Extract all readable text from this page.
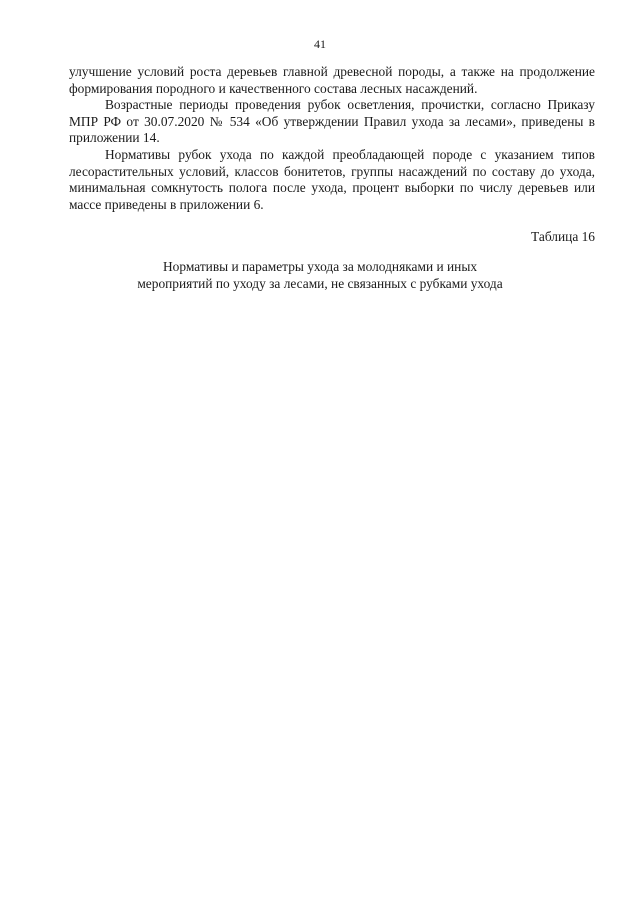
41

улучшение условий роста деревьев главной древесной породы, а также на продолжение формирования породного и качественного состава лесных насаждений.

Возрастные периоды проведения рубок осветления, прочистки, согласно Приказу МПР РФ от 30.07.2020 № 534 «Об утверждении Правил ухода за лесами», приведены в приложении 14.

Нормативы рубок ухода по каждой преобладающей породе с указанием типов лесорастительных условий, классов бонитетов, группы насаждений по составу до ухода, минимальная сомкнутость полога после ухода, процент выборки по числу деревьев или массе приведены в приложении 6.

Таблица 16
Нормативы и параметры ухода за молодняками и иных
мероприятий по уходу за лесами, не связанных с рубками ухода
